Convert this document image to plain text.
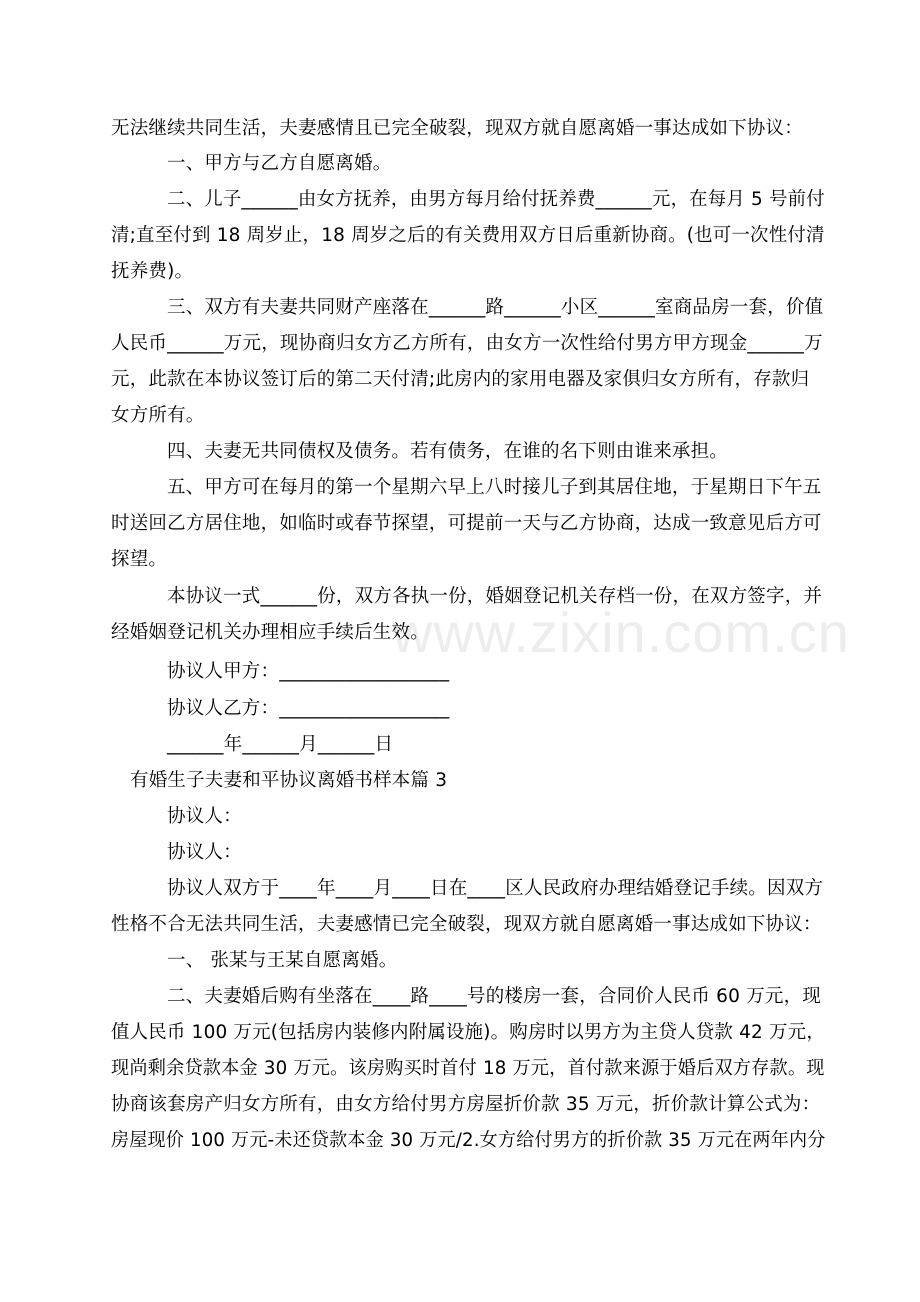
www.zixin.com.cn
无法继续共同生活，夫妻感情且已完全破裂，现双方就自愿离婚一事达成如下协议：
一、甲方与乙方自愿离婚。
二、儿子______由女方抚养，由男方每月给付抚养费______元，在每月 5 号前付
清;直至付到 18 周岁止，18 周岁之后的有关费用双方日后重新协商。(也可一次性付清
抚养费)。
三、双方有夫妻共同财产座落在______路______小区______室商品房一套，价值
人民币______万元，现协商归女方乙方所有，由女方一次性给付男方甲方现金______万
元，此款在本协议签订后的第二天付清;此房内的家用电器及家俱归女方所有，存款归
女方所有。
四、夫妻无共同债权及债务。若有债务，在谁的名下则由谁来承担。
五、甲方可在每月的第一个星期六早上八时接儿子到其居住地，于星期日下午五
时送回乙方居住地，如临时或春节探望，可提前一天与乙方协商，达成一致意见后方可
探望。
本协议一式______份，双方各执一份，婚姻登记机关存档一份，在双方签字，并
经婚姻登记机关办理相应手续后生效。
协议人甲方：__________________
协议人乙方：__________________
______年______月______日
有婚生子夫妻和平协议离婚书样本篇 3
协议人：
协议人：
协议人双方于____年____月____日在____区人民政府办理结婚登记手续。因双方
性格不合无法共同生活，夫妻感情已完全破裂，现双方就自愿离婚一事达成如下协议：
一、 张某与王某自愿离婚。
二、夫妻婚后购有坐落在____路____号的楼房一套，合同价人民币 60 万元，现
值人民币 100 万元(包括房内装修内附属设施)。购房时以男方为主贷人贷款 42 万元，
现尚剩余贷款本金 30 万元。该房购买时首付 18 万元，首付款来源于婚后双方存款。现
协商该套房产归女方所有，由女方给付男方房屋折价款 35 万元，折价款计算公式为：
房屋现价 100 万元-未还贷款本金 30 万元/2.女方给付男方的折价款 35 万元在两年内分
